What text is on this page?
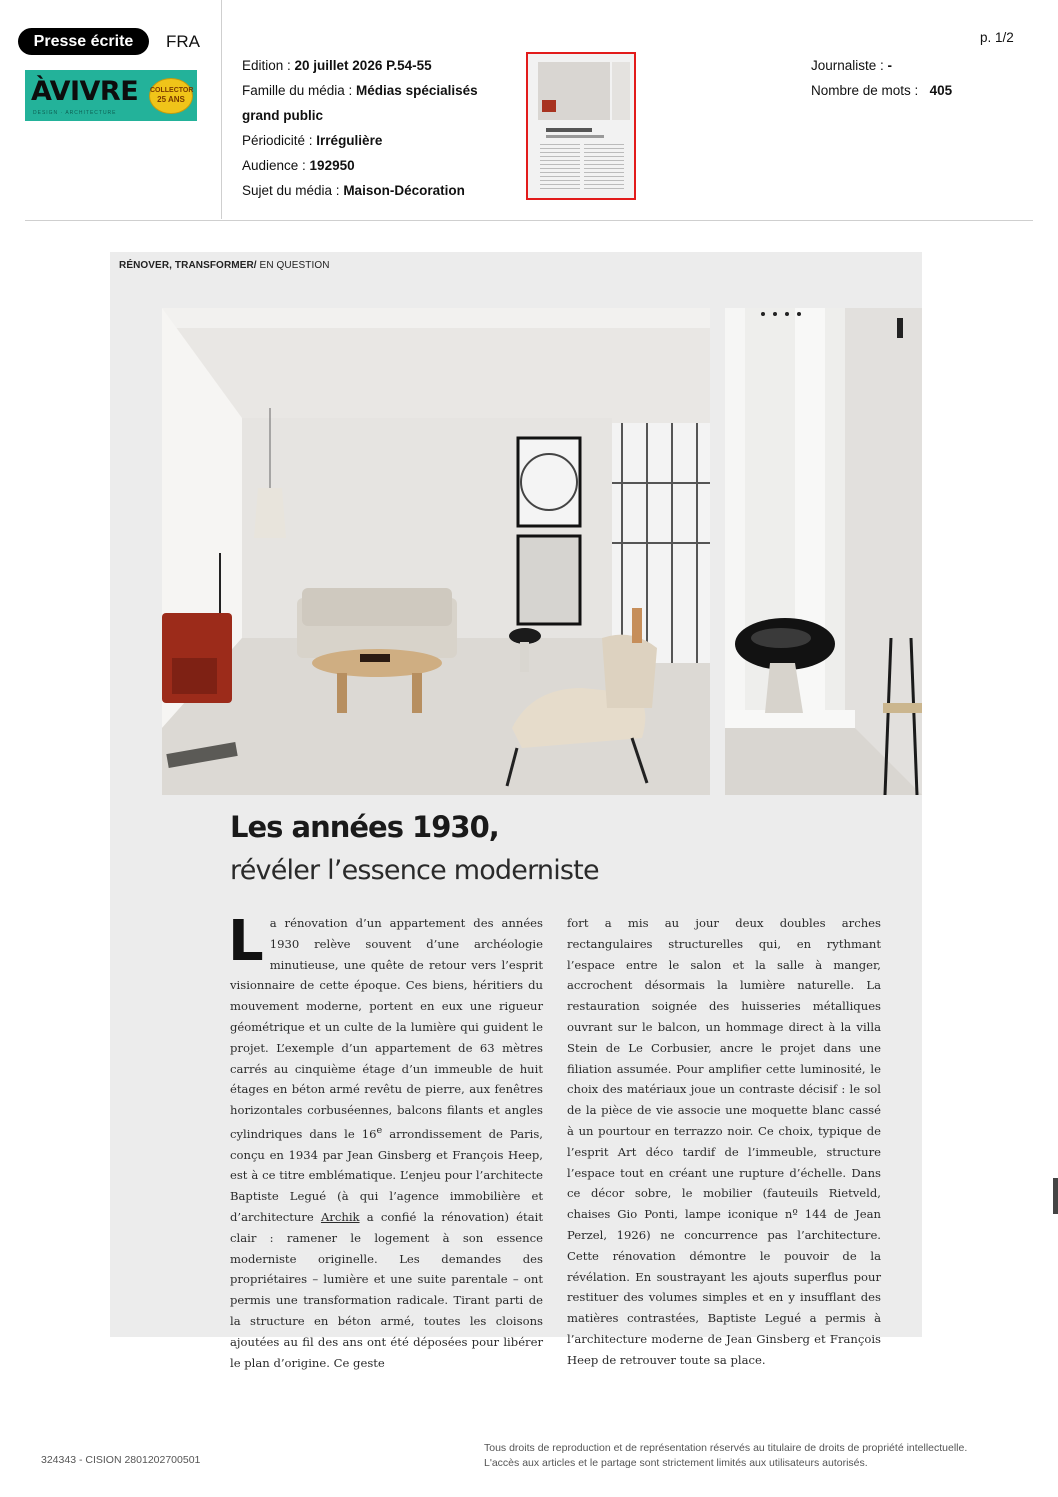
Presse écrite	FRA
ÀVIVRE
DESIGN · ARCHITECTURE
COLLECTOR
25 ANS
Edition : 20 juillet 2026 P.54-55
Famille du média : Médias spécialisés
grand public
Périodicité : Irrégulière
Audience : 192950
Sujet du média : Maison-Décoration
Journaliste : -
Nombre de mots :   405
p. 1/2
RÉNOVER, TRANSFORMER/ EN QUESTION
Les années 1930,
révéler l’essence moderniste
La rénovation d’un appartement des années 1930 relève souvent d’une archéologie minutieuse, une quête de retour vers l’esprit visionnaire de cette époque. Ces biens, héritiers du mouvement moderne, portent en eux une rigueur géométrique et un culte de la lumière qui guident le projet. L’exemple d’un appartement de 63 mètres carrés au cinquième étage d’un immeuble de huit étages en béton armé revêtu de pierre, aux fenêtres horizontales corbuséennes, balcons filants et angles cylindriques dans le 16e arrondissement de Paris, conçu en 1934 par Jean Ginsberg et François Heep, est à ce titre emblématique. L’enjeu pour l’architecte Baptiste Legué (à qui l’agence immobilière et d’architecture Archik a confié la rénovation) était clair : ramener le logement à son essence moderniste originelle. Les demandes des propriétaires – lumière et une suite parentale – ont permis une transformation radicale. Tirant parti de la structure en béton armé, toutes les cloisons ajoutées au fil des ans ont été déposées pour libérer le plan d’origine. Ce geste
fort a mis au jour deux doubles arches rectangulaires structurelles qui, en rythmant l’espace entre le salon et la salle à manger, accrochent désormais la lumière naturelle. La restauration soignée des huisseries métalliques ouvrant sur le balcon, un hommage direct à la villa Stein de Le Corbusier, ancre le projet dans une filiation assumée. Pour amplifier cette luminosité, le choix des matériaux joue un contraste décisif : le sol de la pièce de vie associe une moquette blanc cassé à un pourtour en terrazzo noir. Ce choix, typique de l’esprit Art déco tardif de l’immeuble, structure l’espace tout en créant une rupture d’échelle. Dans ce décor sobre, le mobilier (fauteuils Rietveld, chaises Gio Ponti, lampe iconique nº 144 de Jean Perzel, 1926) ne concurrence pas l’architecture. Cette rénovation démontre le pouvoir de la révélation. En soustrayant les ajouts superflus pour restituer des volumes simples et en y insufflant des matières contrastées, Baptiste Legué a permis à l’architecture moderne de Jean Ginsberg et François Heep de retrouver toute sa place.
324343 - CISION 2801202700501
Tous droits de reproduction et de représentation réservés au titulaire de droits de propriété intellectuelle.
L'accès aux articles et le partage sont strictement limités aux utilisateurs autorisés.
